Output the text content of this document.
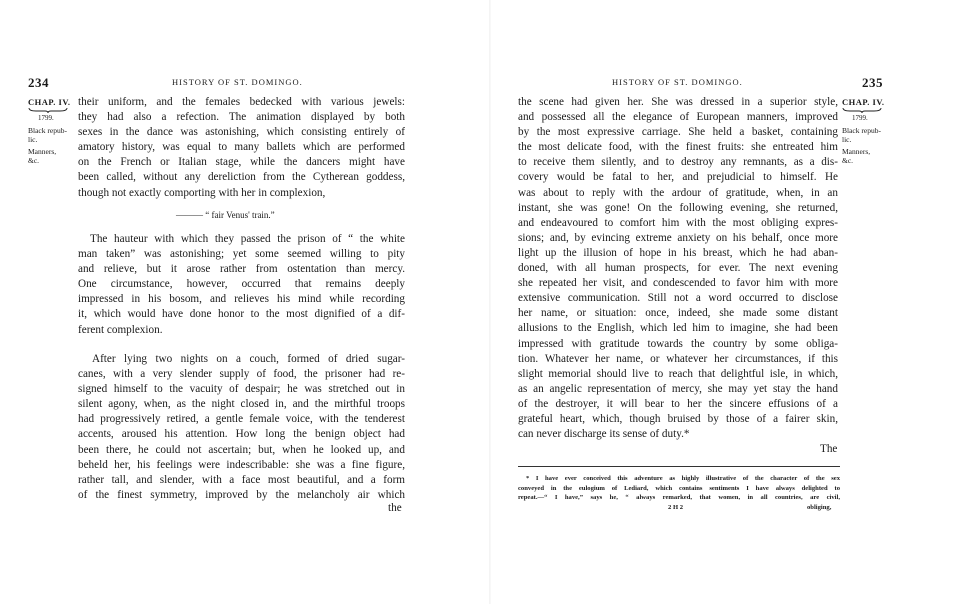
234	HISTORY OF ST. DOMINGO.
CHAP. IV.
1799.
Black repub-
lic.
Manners,
&c.
their uniform, and the females bedecked with various jewels:
they had also a refection. The animation displayed by both
sexes in the dance was astonishing, which consisting entirely of
amatory history, was equal to many ballets which are performed
on the French or Italian stage, while the dancers might have
been called, without any dereliction from the Cytherean goddess,
though not exactly comporting with her in complexion,
——— “ fair Venus' train.”
The hauteur with which they passed the prison of “ the white
man taken” was astonishing; yet some seemed willing to pity
and relieve, but it arose rather from ostentation than mercy.
One circumstance, however, occurred that remains deeply
impressed in his bosom, and relieves his mind while recording
it, which would have done honor to the most dignified of a dif-
ferent complexion.
After lying two nights on a couch, formed of dried sugar-
canes, with a very slender supply of food, the prisoner had re-
signed himself to the vacuity of despair; he was stretched out in
silent agony, when, as the night closed in, and the mirthful troops
had progressively retired, a gentle female voice, with the tenderest
accents, aroused his attention. How long the benign object had
been there, he could not ascertain; but, when he looked up, and
beheld her, his feelings were indescribable: she was a fine figure,
rather tall, and slender, with a face most beautiful, and a form
of the finest symmetry, improved by the melancholy air which
the
HISTORY OF ST. DOMINGO.	235
CHAP. IV.
1799.
Black repub-
lic.
Manners,
&c.
the scene had given her. She was dressed in a superior style,
and possessed all the elegance of European manners, improved
by the most expressive carriage. She held a basket, containing
the most delicate food, with the finest fruits: she entreated him
to receive them silently, and to destroy any remnants, as a dis-
covery would be fatal to her, and prejudicial to himself. He
was about to reply with the ardour of gratitude, when, in an
instant, she was gone! On the following evening, she returned,
and endeavoured to comfort him with the most obliging expres-
sions; and, by evincing extreme anxiety on his behalf, once more
light up the illusion of hope in his breast, which he had aban-
doned, with all human prospects, for ever. The next evening
she repeated her visit, and condescended to favor him with more
extensive communication. Still not a word occurred to disclose
her name, or situation: once, indeed, she made some distant
allusions to the English, which led him to imagine, she had been
impressed with gratitude towards the country by some obliga-
tion. Whatever her name, or whatever her circumstances, if this
slight memorial should live to reach that delightful isle, in which,
as an angelic representation of mercy, she may yet stay the hand
of the destroyer, it will bear to her the sincere effusions of a
grateful heart, which, though bruised by those of a fairer skin,
can never discharge its sense of duty.*
The
* I have ever conceived this adventure as highly illustrative of the character of the sex
conveyed in the eulogium of Lediard, which contains sentiments I have always delighted to
repeat.—“ I have,” says he, “ always remarked, that women, in all countries, are civil,
2 H 2	obliging,
